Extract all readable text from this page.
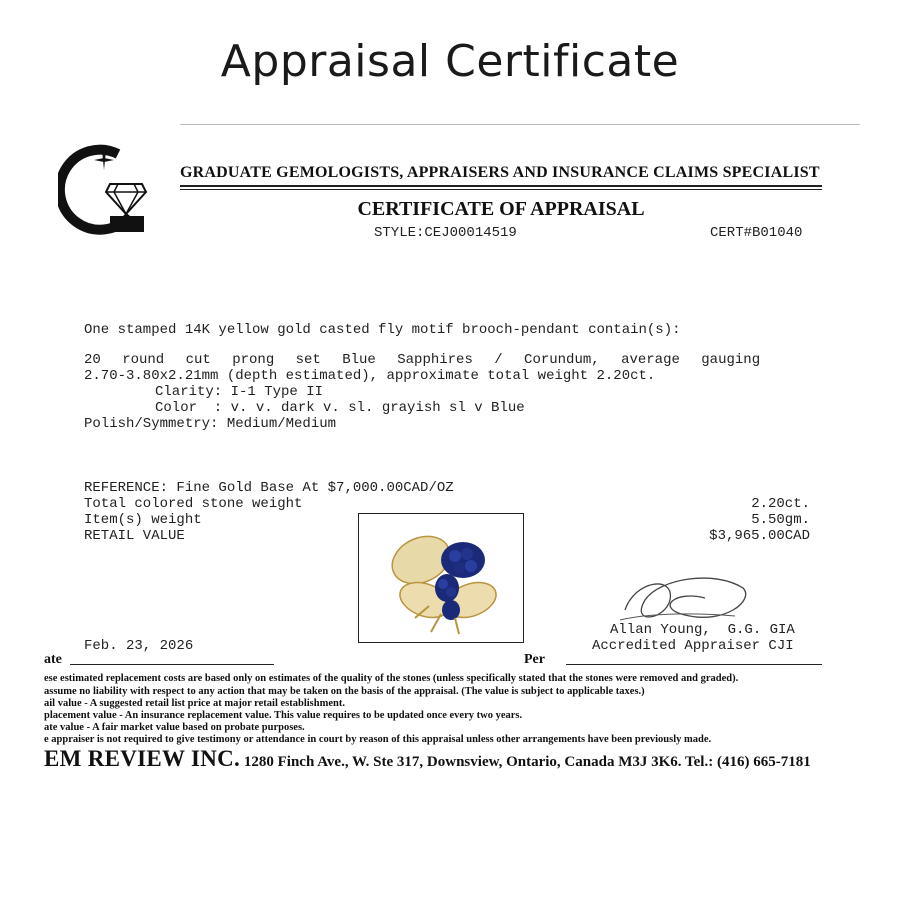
Appraisal Certificate
GRADUATE GEMOLOGISTS, APPRAISERS AND INSURANCE CLAIMS SPECIALIST
CERTIFICATE OF APPRAISAL
STYLE:CEJ00014519	CERT#B01040
One stamped 14K yellow gold casted fly motif brooch-pendant contain(s):
20 round cut prong set Blue Sapphires / Corundum, average gauging
2.70-3.80x2.21mm (depth estimated), approximate total weight 2.20ct.
Clarity: I-1 Type II
Color  : v. v. dark v. sl. grayish sl v Blue
Polish/Symmetry: Medium/Medium
REFERENCE: Fine Gold Base At $7,000.00CAD/OZ
Total colored stone weight	2.20ct.
Item(s) weight	5.50gm.
RETAIL VALUE	$3,965.00CAD
Allan Young,  G.G. GIA
Accredited Appraiser CJI
Feb. 23, 2026
ate	Per
ese estimated replacement costs are based only on estimates of the quality of the stones (unless specifically stated that the stones were removed and graded).
assume no liability with respect to any action that may be taken on the basis of the appraisal. (The value is subject to applicable taxes.)
ail value - A suggested retail list price at major retail establishment.
placement value - An insurance replacement value. This value requires to be updated once every two years.
ate value - A fair market value based on probate purposes.
e appraiser is not required to give testimony or attendance in court by reason of this appraisal unless other arrangements have been previously made.
EM REVIEW INC. 1280 Finch Ave., W. Ste 317, Downsview, Ontario, Canada M3J 3K6. Tel.: (416) 665-7181
